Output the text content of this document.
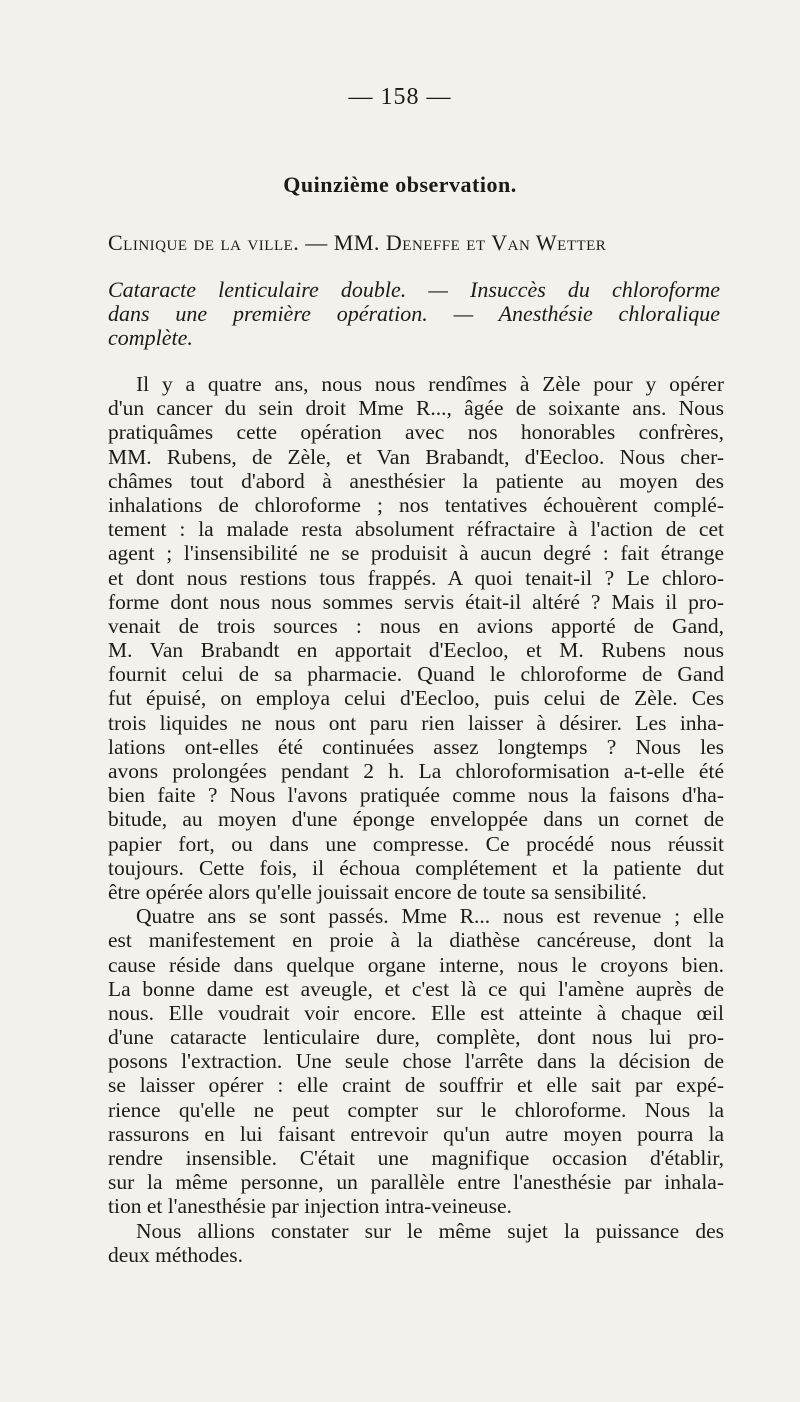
— 158 —
Quinzième observation.
Clinique de la ville. — MM. Deneffe et Van Wetter
Cataracte lenticulaire double. — Insuccès du chloroforme
dans une première opération. — Anesthésie chloralique
complète.
Il y a quatre ans, nous nous rendîmes à Zèle pour y opérer
d'un cancer du sein droit Mme R..., âgée de soixante ans. Nous
pratiquâmes cette opération avec nos honorables confrères,
MM. Rubens, de Zèle, et Van Brabandt, d'Eecloo. Nous cher-
châmes tout d'abord à anesthésier la patiente au moyen des
inhalations de chloroforme ; nos tentatives échouèrent complé-
tement : la malade resta absolument réfractaire à l'action de cet
agent ; l'insensibilité ne se produisit à aucun degré : fait étrange
et dont nous restions tous frappés. A quoi tenait-il ? Le chloro-
forme dont nous nous sommes servis était-il altéré ? Mais il pro-
venait de trois sources : nous en avions apporté de Gand,
M. Van Brabandt en apportait d'Eecloo, et M. Rubens nous
fournit celui de sa pharmacie. Quand le chloroforme de Gand
fut épuisé, on employa celui d'Eecloo, puis celui de Zèle. Ces
trois liquides ne nous ont paru rien laisser à désirer. Les inha-
lations ont-elles été continuées assez longtemps ? Nous les
avons prolongées pendant 2 h. La chloroformisation a-t-elle été
bien faite ? Nous l'avons pratiquée comme nous la faisons d'ha-
bitude, au moyen d'une éponge enveloppée dans un cornet de
papier fort, ou dans une compresse. Ce procédé nous réussit
toujours. Cette fois, il échoua complétement et la patiente dut
être opérée alors qu'elle jouissait encore de toute sa sensibilité.
Quatre ans se sont passés. Mme R... nous est revenue ; elle
est manifestement en proie à la diathèse cancéreuse, dont la
cause réside dans quelque organe interne, nous le croyons bien.
La bonne dame est aveugle, et c'est là ce qui l'amène auprès de
nous. Elle voudrait voir encore. Elle est atteinte à chaque œil
d'une cataracte lenticulaire dure, complète, dont nous lui pro-
posons l'extraction. Une seule chose l'arrête dans la décision de
se laisser opérer : elle craint de souffrir et elle sait par expé-
rience qu'elle ne peut compter sur le chloroforme. Nous la
rassurons en lui faisant entrevoir qu'un autre moyen pourra la
rendre insensible. C'était une magnifique occasion d'établir,
sur la même personne, un parallèle entre l'anesthésie par inhala-
tion et l'anesthésie par injection intra-veineuse.
Nous allions constater sur le même sujet la puissance des
deux méthodes.
